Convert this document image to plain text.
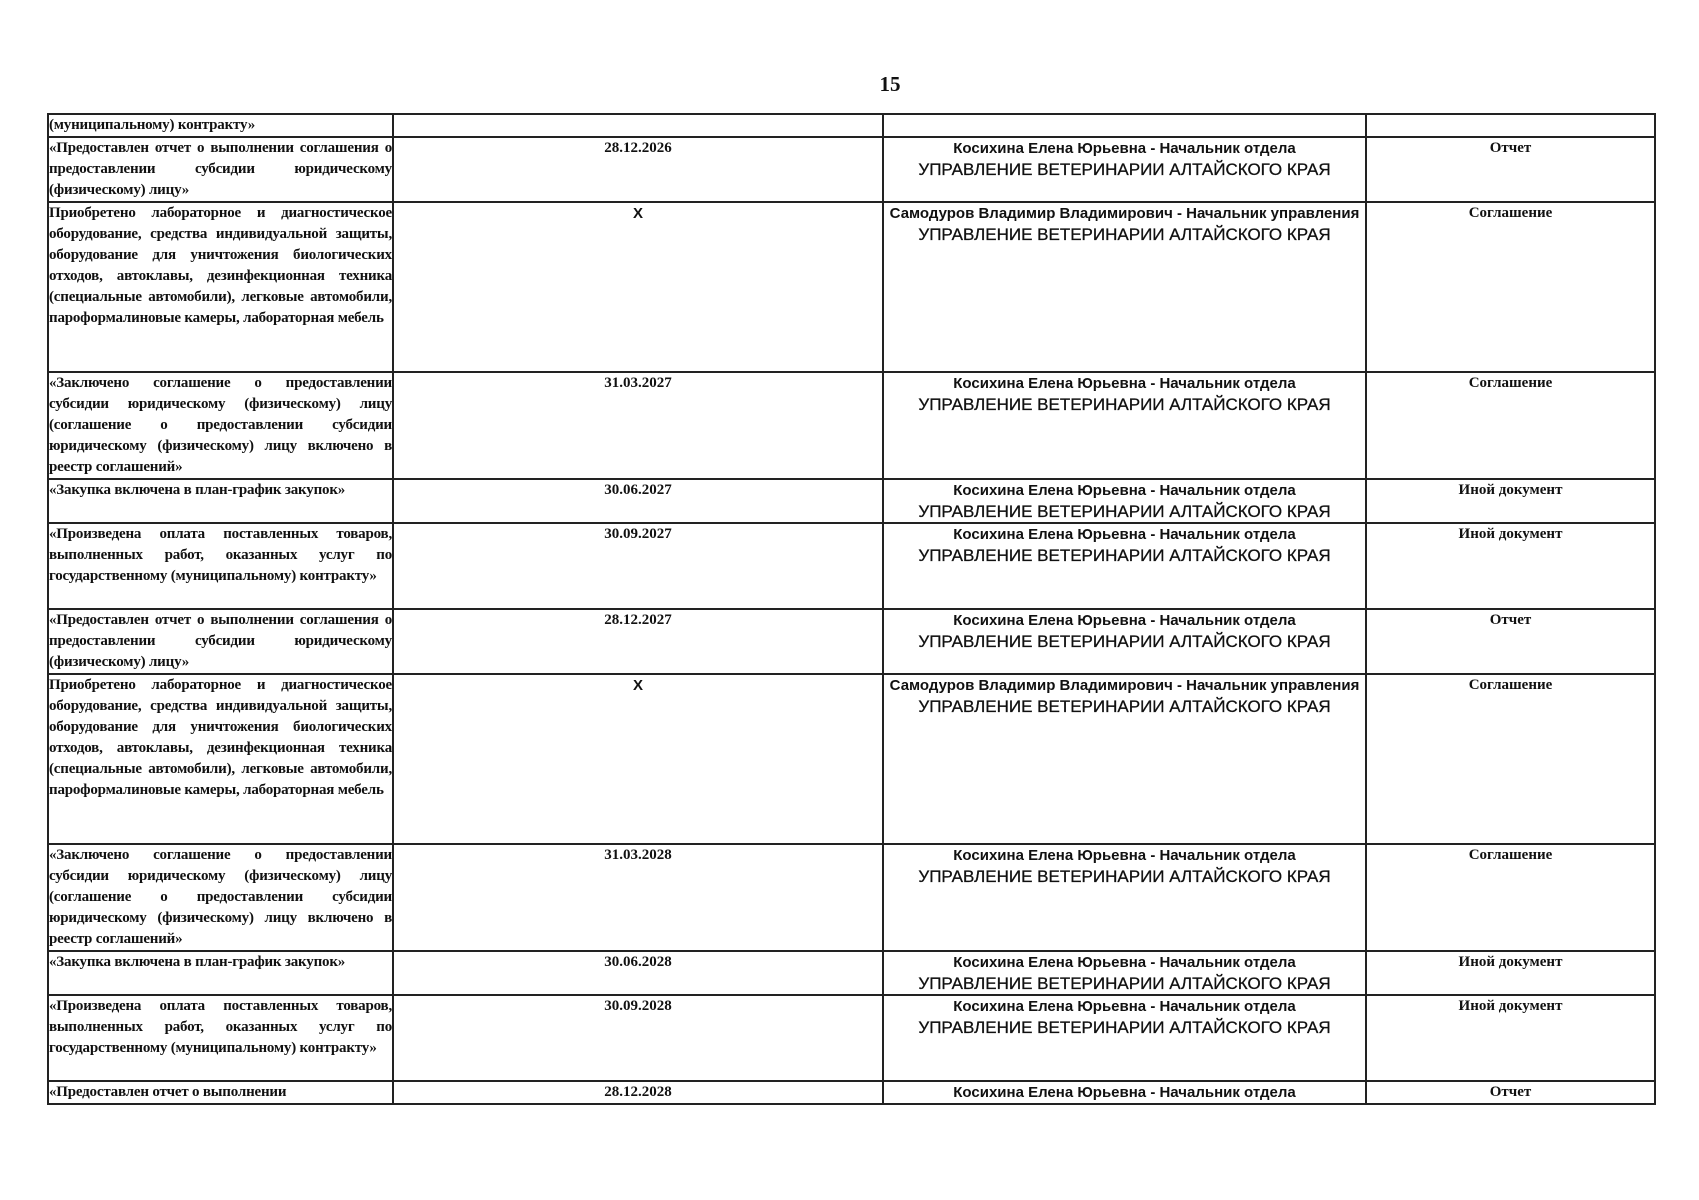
15
(муниципальному) контракту»		

«Предоставлен отчет о выполнении соглашения о предоставлении субсидии юридическому (физическому) лицу»	28.12.2026	Косихина Елена Юрьевна - Начальник отдела
УПРАВЛЕНИЕ ВЕТЕРИНАРИИ АЛТАЙСКОГО КРАЯ	Отчет
Приобретено лабораторное и диагностическое оборудование, средства индивидуальной защиты, оборудование для уничтожения биологических отходов, автоклавы, дезинфекционная техника (специальные автомобили), легковые автомобили, пароформалиновые камеры, лабораторная мебель	X	Самодуров Владимир Владимирович - Начальник управления
УПРАВЛЕНИЕ ВЕТЕРИНАРИИ АЛТАЙСКОГО КРАЯ	Соглашение
«Заключено соглашение о предоставлении субсидии юридическому (физическому) лицу (соглашение о предоставлении субсидии юридическому (физическому) лицу включено в реестр соглашений»	31.03.2027	Косихина Елена Юрьевна - Начальник отдела
УПРАВЛЕНИЕ ВЕТЕРИНАРИИ АЛТАЙСКОГО КРАЯ	Соглашение
«Закупка включена в план-график закупок»	30.06.2027	Косихина Елена Юрьевна - Начальник отдела
УПРАВЛЕНИЕ ВЕТЕРИНАРИИ АЛТАЙСКОГО КРАЯ	Иной документ
«Произведена оплата поставленных товаров, выполненных работ, оказанных услуг по государственному (муниципальному) контракту»	30.09.2027	Косихина Елена Юрьевна - Начальник отдела
УПРАВЛЕНИЕ ВЕТЕРИНАРИИ АЛТАЙСКОГО КРАЯ	Иной документ
«Предоставлен отчет о выполнении соглашения о предоставлении субсидии юридическому (физическому) лицу»	28.12.2027	Косихина Елена Юрьевна - Начальник отдела
УПРАВЛЕНИЕ ВЕТЕРИНАРИИ АЛТАЙСКОГО КРАЯ	Отчет
Приобретено лабораторное и диагностическое оборудование, средства индивидуальной защиты, оборудование для уничтожения биологических отходов, автоклавы, дезинфекционная техника (специальные автомобили), легковые автомобили, пароформалиновые камеры, лабораторная мебель	X	Самодуров Владимир Владимирович - Начальник управления
УПРАВЛЕНИЕ ВЕТЕРИНАРИИ АЛТАЙСКОГО КРАЯ	Соглашение
«Заключено соглашение о предоставлении субсидии юридическому (физическому) лицу (соглашение о предоставлении субсидии юридическому (физическому) лицу включено в реестр соглашений»	31.03.2028	Косихина Елена Юрьевна - Начальник отдела
УПРАВЛЕНИЕ ВЕТЕРИНАРИИ АЛТАЙСКОГО КРАЯ	Соглашение
«Закупка включена в план-график закупок»	30.06.2028	Косихина Елена Юрьевна - Начальник отдела
УПРАВЛЕНИЕ ВЕТЕРИНАРИИ АЛТАЙСКОГО КРАЯ	Иной документ
«Произведена оплата поставленных товаров, выполненных работ, оказанных услуг по государственному (муниципальному) контракту»	30.09.2028	Косихина Елена Юрьевна - Начальник отдела
УПРАВЛЕНИЕ ВЕТЕРИНАРИИ АЛТАЙСКОГО КРАЯ	Иной документ
«Предоставлен отчет о выполнении	28.12.2028	Косихина Елена Юрьевна - Начальник отдела	Отчет
